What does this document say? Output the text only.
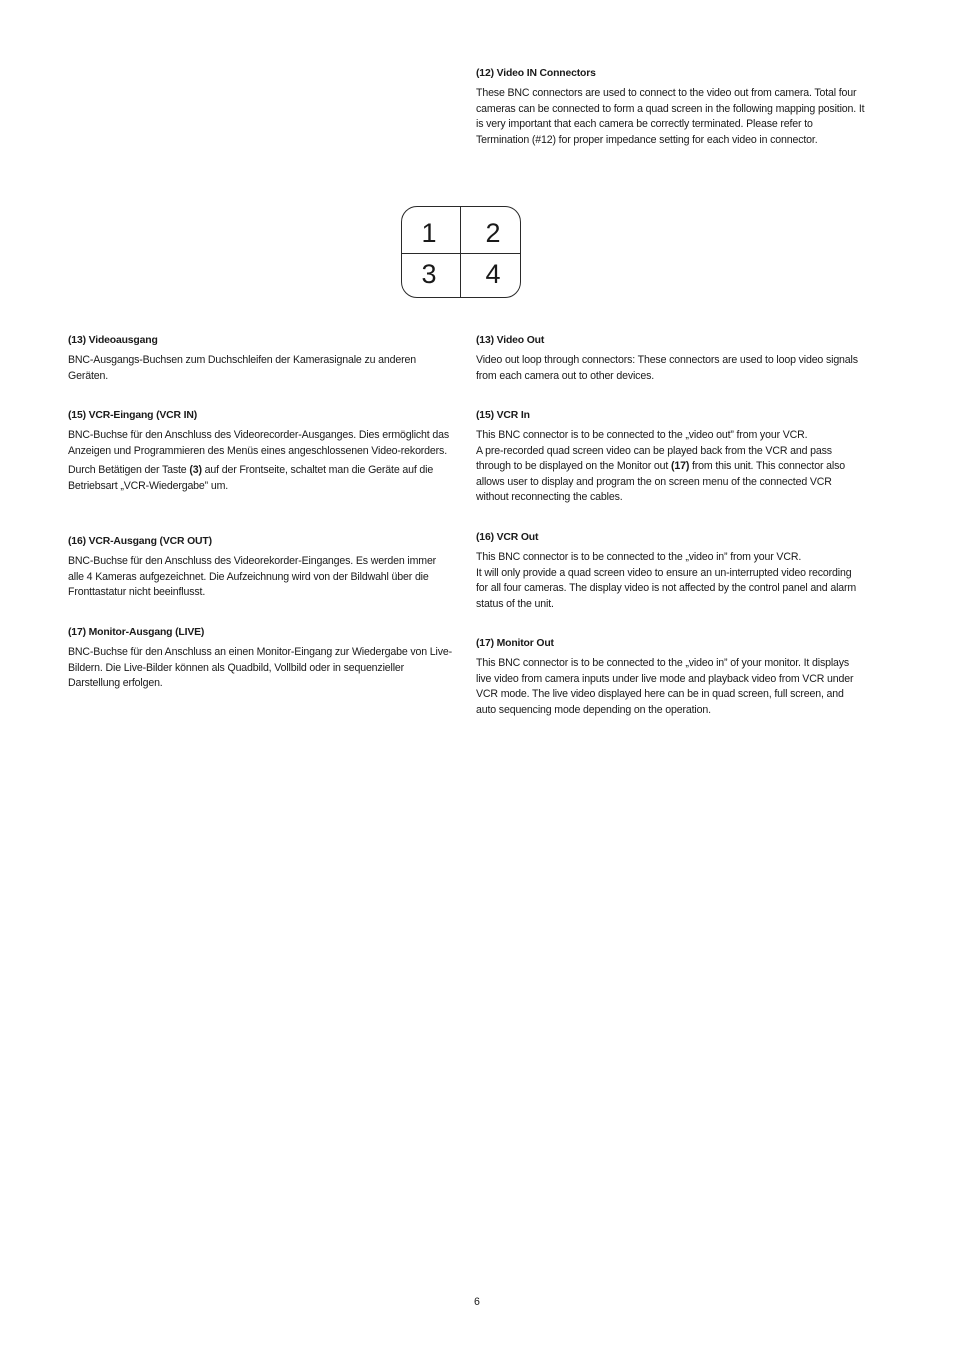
(12) Video IN Connectors

These BNC connectors are used to connect to the video out from camera. Total four cameras can be connected to form a quad screen in the following mapping position. It is very important that each camera be correctly terminated. Please refer to Termination (#12) for proper impedance setting for each video in connector.

1 2
3 4
(13) Videoausgang

BNC-Ausgangs-Buchsen zum Duchschleifen der Kamerasignale zu anderen Geräten.

(15) VCR-Eingang (VCR IN)

BNC-Buchse für den Anschluss des Videorecorder-Ausganges. Dies ermöglicht das Anzeigen und Programmieren des Menüs eines angeschlossenen Video-rekorders.

Durch Betätigen der Taste (3) auf der Frontseite, schaltet man die Geräte auf die Betriebsart „VCR-Wiedergabe” um.

(16) VCR-Ausgang (VCR OUT)

BNC-Buchse für den Anschluss des Videorekorder-Einganges. Es werden immer alle 4 Kameras aufgezeichnet. Die Aufzeichnung wird von der Bildwahl über die Fronttastatur nicht beeinflusst.

(17) Monitor-Ausgang (LIVE)

BNC-Buchse für den Anschluss an einen Monitor-Eingang zur Wiedergabe von Live-Bildern. Die Live-Bilder können als Quadbild, Vollbild oder in sequenzieller Darstellung erfolgen.

(13) Video Out

Video out loop through connectors: These connectors are used to loop video signals from each camera out to other devices.

(15) VCR In

This BNC connector is to be connected to the „video out” from your VCR.
A pre-recorded quad screen video can be played back from the VCR and pass through to be displayed on the Monitor out (17) from this unit. This connector also allows user to display and program the on screen menu of the connected VCR without reconnecting the cables.

(16) VCR Out

This BNC connector is to be connected to the „video in” from your VCR.
It will only provide a quad screen video to ensure an un-interrupted video recording for all four cameras. The display video is not affected by the control panel and alarm status of the unit.

(17) Monitor Out

This BNC connector is to be connected to the „video in” of your monitor. It displays live video from camera inputs under live mode and playback video from VCR under VCR mode. The live video displayed here can be in quad screen, full screen, and auto sequencing mode depending on the operation.

6
